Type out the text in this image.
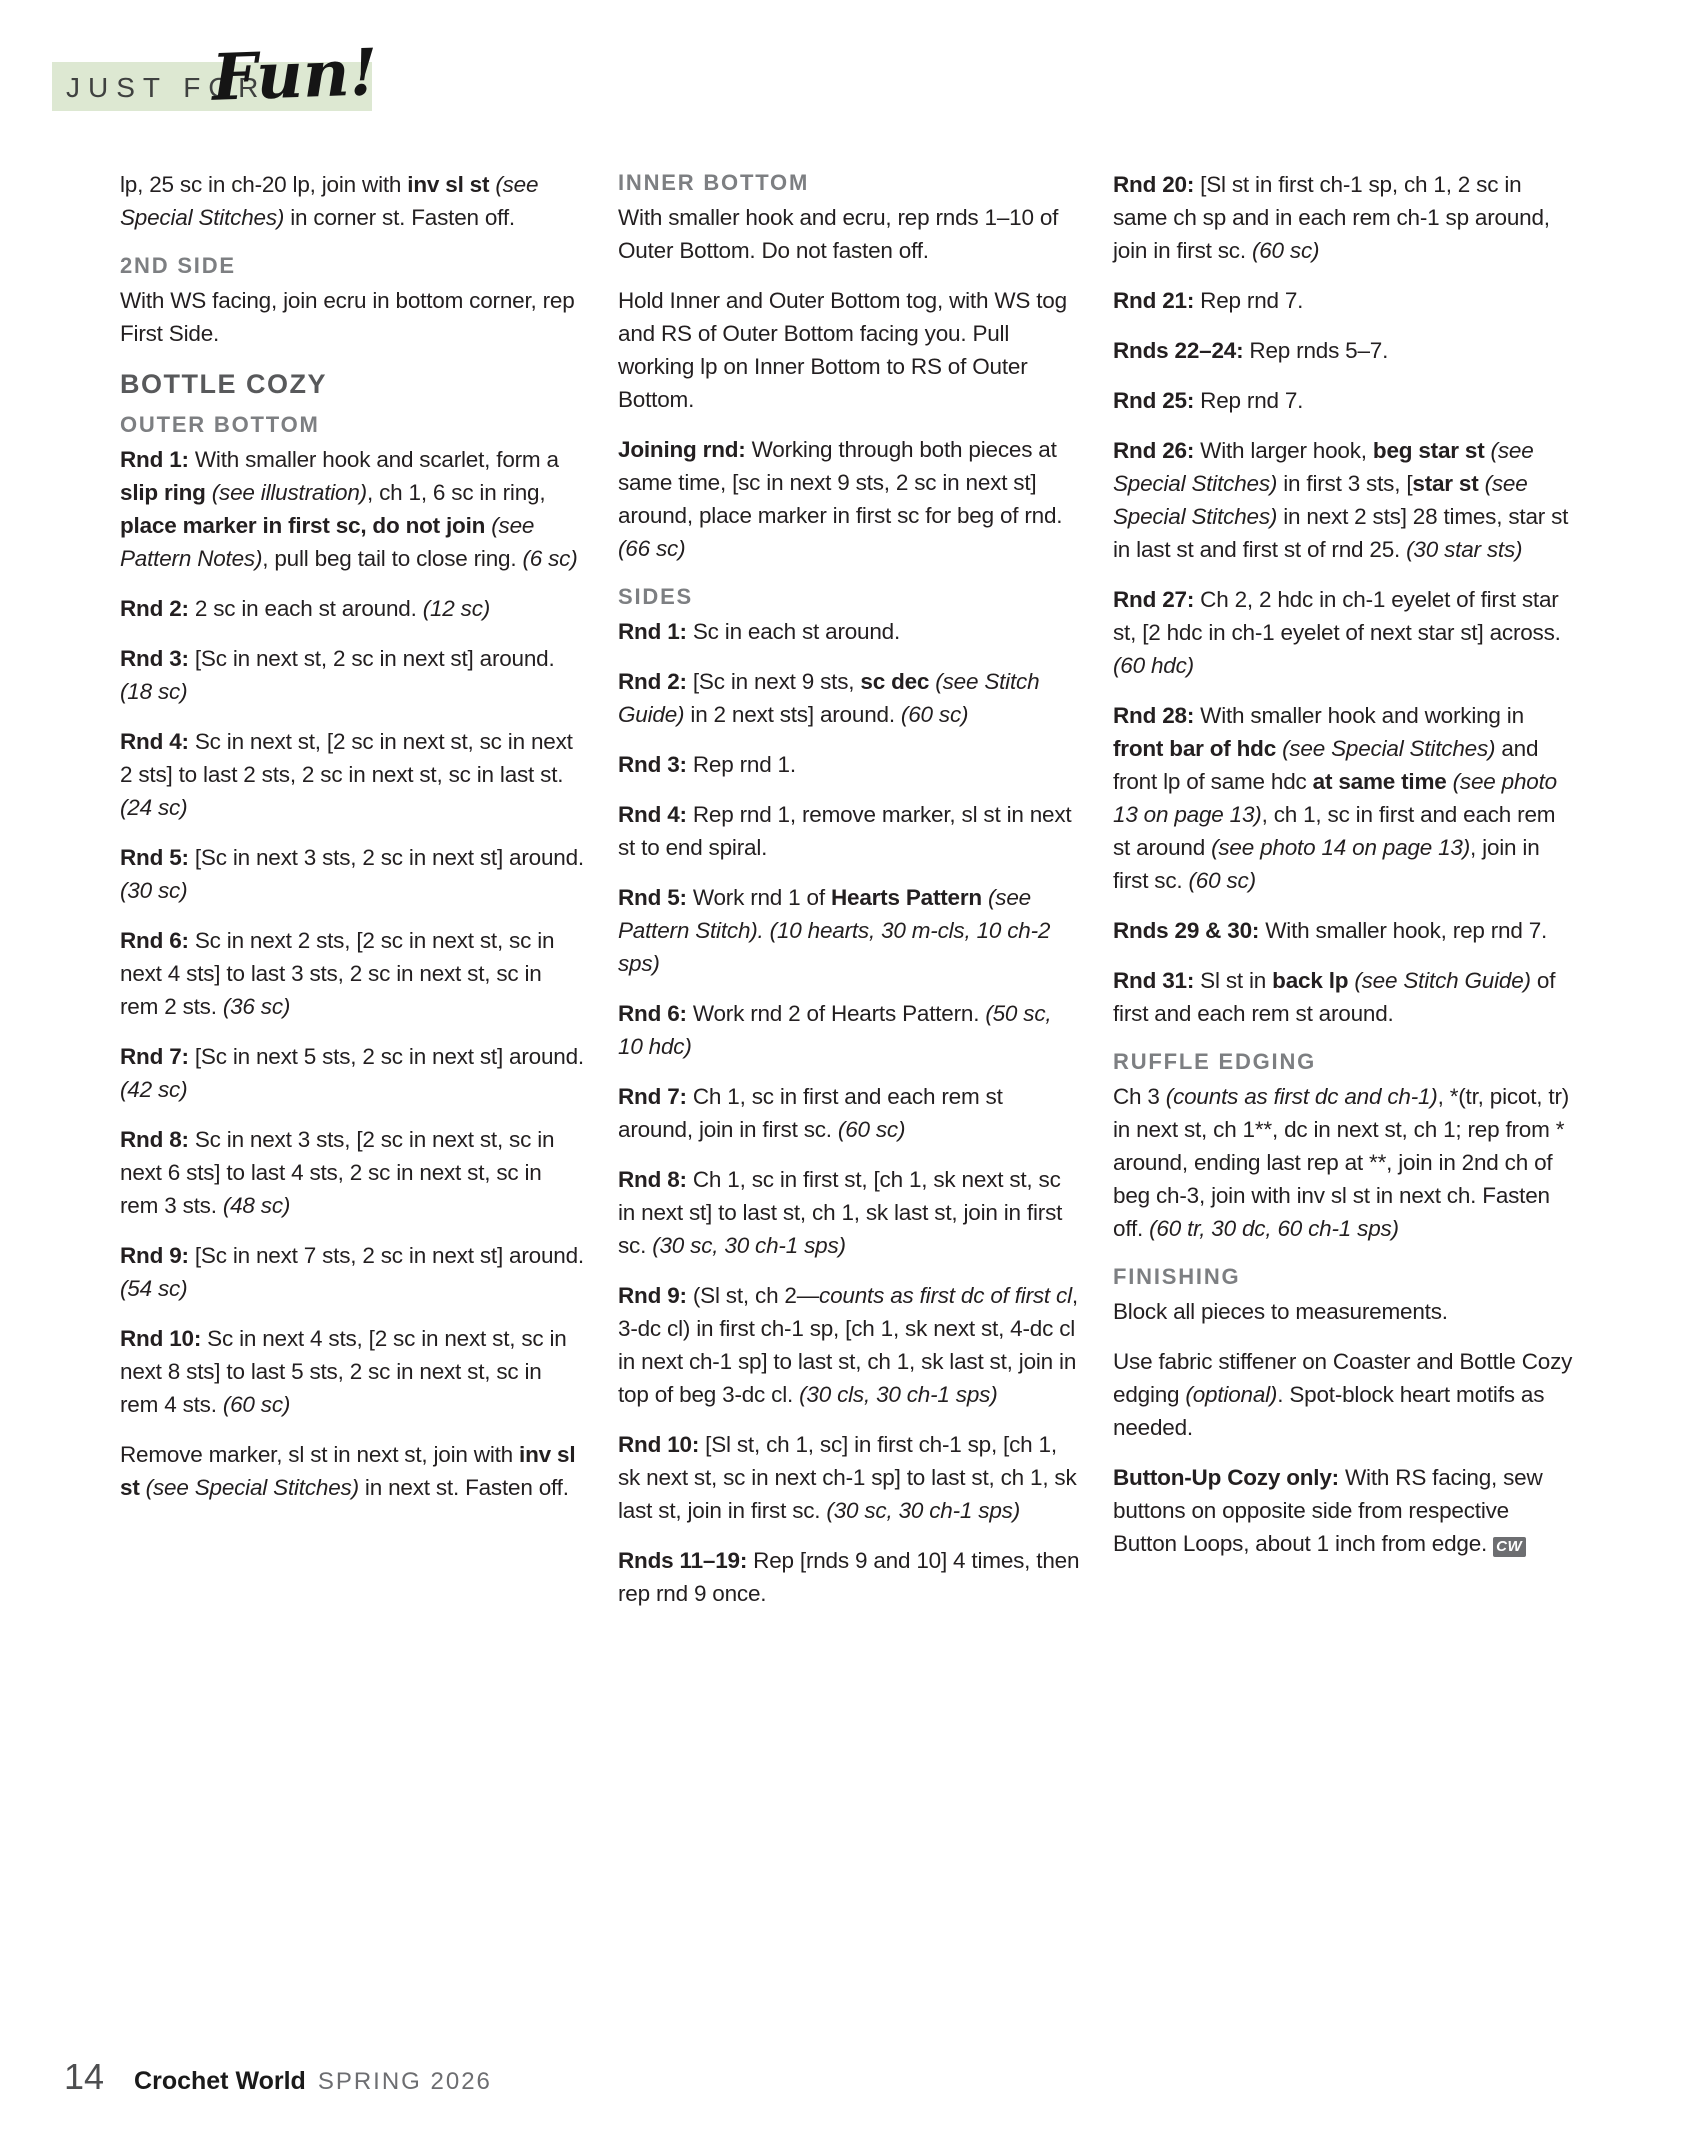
JUST FOR
Fun!

lp, 25 sc in ch-20 lp, join with inv sl st (see Special Stitches) in corner st. Fasten off.

2ND SIDE

With WS facing, join ecru in bottom corner, rep First Side.

BOTTLE COZY
OUTER BOTTOM

Rnd 1: With smaller hook and scarlet, form a slip ring (see illustration), ch 1, 6 sc in ring, place marker in first sc, do not join (see Pattern Notes), pull beg tail to close ring. (6 sc)

Rnd 2: 2 sc in each st around. (12 sc)

Rnd 3: [Sc in next st, 2 sc in next st] around. (18 sc)

Rnd 4: Sc in next st, [2 sc in next st, sc in next 2 sts] to last 2 sts, 2 sc in next st, sc in last st. (24 sc)

Rnd 5: [Sc in next 3 sts, 2 sc in next st] around. (30 sc)

Rnd 6: Sc in next 2 sts, [2 sc in next st, sc in next 4 sts] to last 3 sts, 2 sc in next st, sc in rem 2 sts. (36 sc)

Rnd 7: [Sc in next 5 sts, 2 sc in next st] around. (42 sc)

Rnd 8: Sc in next 3 sts, [2 sc in next st, sc in next 6 sts] to last 4 sts, 2 sc in next st, sc in rem 3 sts. (48 sc)

Rnd 9: [Sc in next 7 sts, 2 sc in next st] around. (54 sc)

Rnd 10: Sc in next 4 sts, [2 sc in next st, sc in next 8 sts] to last 5 sts, 2 sc in next st, sc in rem 4 sts. (60 sc)

Remove marker, sl st in next st, join with inv sl st (see Special Stitches) in next st. Fasten off.

INNER BOTTOM

With smaller hook and ecru, rep rnds 1–10 of Outer Bottom. Do not fasten off.

Hold Inner and Outer Bottom tog, with WS tog and RS of Outer Bottom facing you. Pull working lp on Inner Bottom to RS of Outer Bottom.

Joining rnd: Working through both pieces at same time, [sc in next 9 sts, 2 sc in next st] around, place marker in first sc for beg of rnd. (66 sc)

SIDES

Rnd 1: Sc in each st around.

Rnd 2: [Sc in next 9 sts, sc dec (see Stitch Guide) in 2 next sts] around. (60 sc)

Rnd 3: Rep rnd 1.

Rnd 4: Rep rnd 1, remove marker, sl st in next st to end spiral.

Rnd 5: Work rnd 1 of Hearts Pattern (see Pattern Stitch). (10 hearts, 30 m-cls, 10 ch-2 sps)

Rnd 6: Work rnd 2 of Hearts Pattern. (50 sc, 10 hdc)

Rnd 7: Ch 1, sc in first and each rem st around, join in first sc. (60 sc)

Rnd 8: Ch 1, sc in first st, [ch 1, sk next st, sc in next st] to last st, ch 1, sk last st, join in first sc. (30 sc, 30 ch-1 sps)

Rnd 9: (Sl st, ch 2—counts as first dc of first cl, 3-dc cl) in first ch-1 sp, [ch 1, sk next st, 4-dc cl in next ch-1 sp] to last st, ch 1, sk last st, join in top of beg 3-dc cl. (30 cls, 30 ch-1 sps)

Rnd 10: [Sl st, ch 1, sc] in first ch-1 sp, [ch 1, sk next st, sc in next ch-1 sp] to last st, ch 1, sk last st, join in first sc. (30 sc, 30 ch-1 sps)

Rnds 11–19: Rep [rnds 9 and 10] 4 times, then rep rnd 9 once.

Rnd 20: [Sl st in first ch-1 sp, ch 1, 2 sc in same ch sp and in each rem ch-1 sp around, join in first sc. (60 sc)

Rnd 21: Rep rnd 7.

Rnds 22–24: Rep rnds 5–7.

Rnd 25: Rep rnd 7.

Rnd 26: With larger hook, beg star st (see Special Stitches) in first 3 sts, [star st (see Special Stitches) in next 2 sts] 28 times, star st in last st and first st of rnd 25. (30 star sts)

Rnd 27: Ch 2, 2 hdc in ch-1 eyelet of first star st, [2 hdc in ch-1 eyelet of next star st] across. (60 hdc)

Rnd 28: With smaller hook and working in front bar of hdc (see Special Stitches) and front lp of same hdc at same time (see photo 13 on page 13), ch 1, sc in first and each rem st around (see photo 14 on page 13), join in first sc. (60 sc)

Rnds 29 & 30: With smaller hook, rep rnd 7.

Rnd 31: Sl st in back lp (see Stitch Guide) of first and each rem st around.

RUFFLE EDGING

Ch 3 (counts as first dc and ch-1), *(tr, picot, tr) in next st, ch 1**, dc in next st, ch 1; rep from * around, ending last rep at **, join in 2nd ch of beg ch-3, join with inv sl st in next ch. Fasten off. (60 tr, 30 dc, 60 ch-1 sps)

FINISHING

Block all pieces to measurements.

Use fabric stiffener on Coaster and Bottle Cozy edging (optional). Spot-block heart motifs as needed.

Button-Up Cozy only: With RS facing, sew buttons on opposite side from respective Button Loops, about 1 inch from edge. CW

14 Crochet World SPRING 2026
